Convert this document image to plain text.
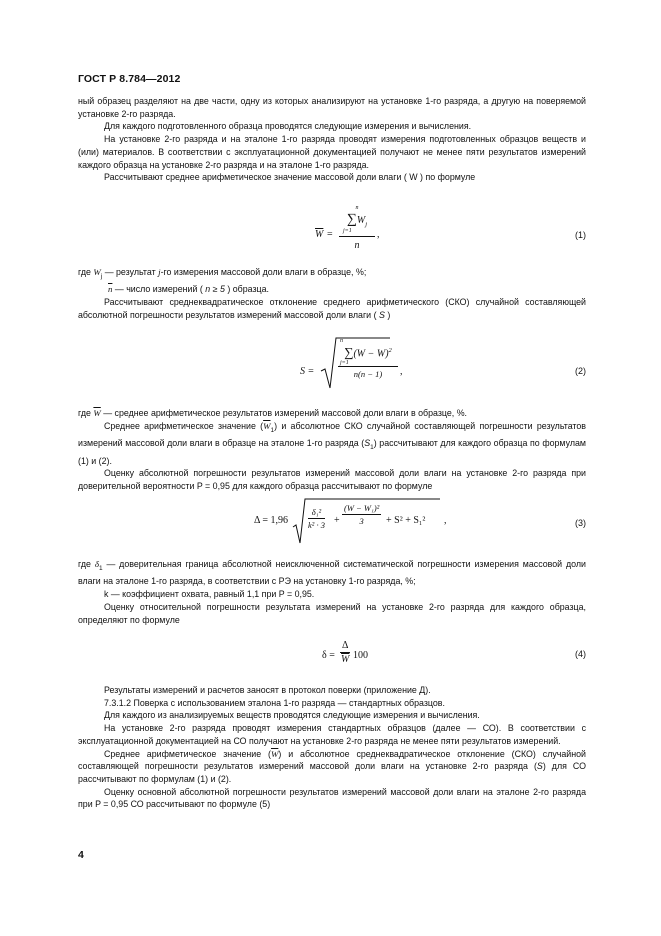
ГОСТ Р 8.784—2012

ный образец разделяют на две части, одну из которых анализируют на установке 1-го разряда, а другую на поверяемой установке 2-го разряда.

Для каждого подготовленного образца проводятся следующие измерения и вычисления.

На установке 2-го разряда и на эталоне 1-го разряда проводят измерения подготовленных образцов веществ и (или) материалов. В соответствии с эксплуатационной документацией получают не менее пяти результатов измерений каждого образца на установке 2-го разряда и на эталоне 1-го разряда.

Рассчитывают среднее арифметическое значение массовой доли влаги ( W ) по формуле

$\overline{W}$ =
n
$\sum W_j$
j=1
n
,	(1)

где $W_j$ — результат j-го измерения массовой доли влаги в образце, %;

$\overline{n}$ — число измерений ( n ≥ 5 ) образца.

Рассчитывают среднеквадратическое отклонение среднего арифметического (СКО) случайной составляющей абсолютной погрешности результатов измерений массовой доли влаги ( S )

S =
n
$\sum(W - W)^2$
j=1
n(n − 1)	,	(2)

где $\overline{W}$ — среднее арифметическое результатов измерений массовой доли влаги в образце, %.

Среднее арифметическое значение $(\overline{W}_1)$ и абсолютное СКО случайной составляющей погрешности результатов измерений массовой доли влаги в образце на эталоне 1-го разряда $(S_1)$ рассчитывают для каждого образца по формулам (1) и (2).

Оценку абсолютной погрешности результатов измерений массовой доли влаги на установке 2-го разряда при доверительной вероятности P = 0,95 для каждого образца рассчитывают по формуле

$\Delta = 1,96 \frac{\text{δ₁²}}{\text{k² · 3}} + \frac{\text{(W − W₁)²}}{3} + S^2 + S_1^2$ ,	(3)

где $\delta_1$ — доверительная граница абсолютной неисключенной систематической погрешности измерения массовой доли влаги на эталоне 1-го разряда, в соответствии с РЭ на установку 1-го разряда, %;

k — коэффициент охвата, равный 1,1 при P = 0,95.

Оценку относительной погрешности результата измерений на установке 2-го разряда для каждого образца, определяют по формуле

$\delta = \frac{\Delta}{W} 100$	(4)

Результаты измерений и расчетов заносят в протокол поверки (приложение Д).

7.3.1.2 Поверка с использованием эталона 1-го разряда — стандартных образцов.

Для каждого из анализируемых веществ проводятся следующие измерения и вычисления.

На установке 2-го разряда проводят измерения стандартных образцов (далее — СО). В соответствии с эксплуатационной документацией на СО получают на установке 2-го разряда не менее пяти результатов измерений.

Среднее арифметическое значение $(\overline{W})$ и абсолютное среднеквадратическое отклонение (СКО) случайной составляющей погрешности результатов измерений массовой доли влаги на установке 2-го разряда (S) для СО рассчитывают по формулам (1) и (2).

Оценку основной абсолютной погрешности результатов измерений массовой доли влаги на эталоне 2-го разряда при P = 0,95 СО рассчитывают по формуле (5)

4
